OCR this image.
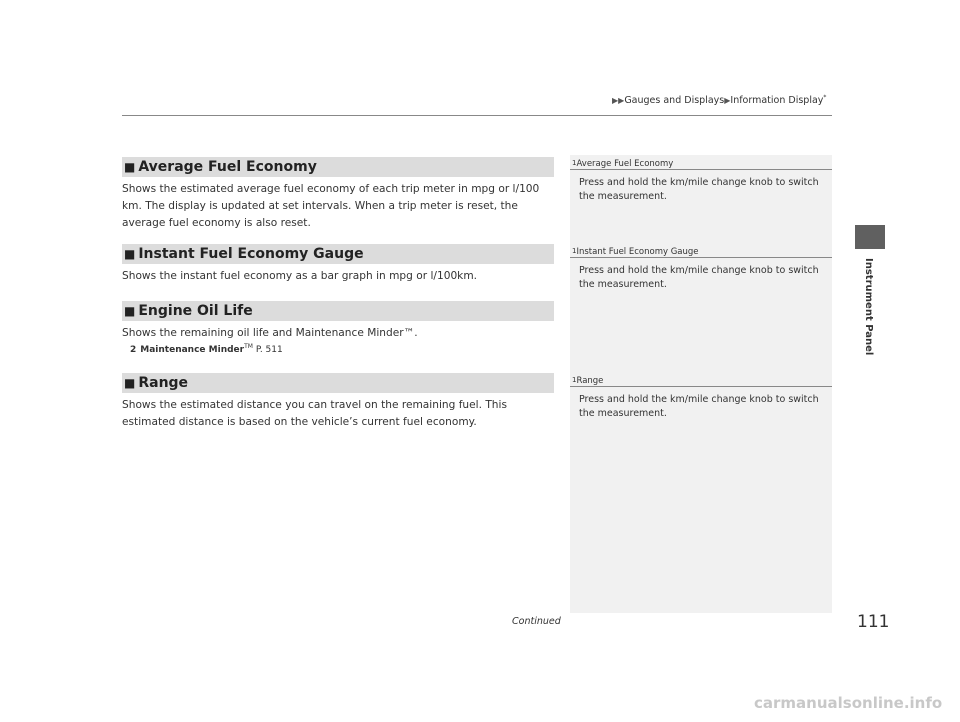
▶▶Gauges and Displays▶Information Display*
Instrument Panel
■ Average Fuel Economy
Shows the estimated average fuel economy of each trip meter in mpg or l/100 km. The display is updated at set intervals. When a trip meter is reset, the average fuel economy is also reset.
■ Instant Fuel Economy Gauge
Shows the instant fuel economy as a bar graph in mpg or l/100km.
■ Engine Oil Life
Shows the remaining oil life and Maintenance Minder™.
2 Maintenance Minder™ P. 511
■ Range
Shows the estimated distance you can travel on the remaining fuel. This estimated distance is based on the vehicle’s current fuel economy.
1Average Fuel Economy
Press and hold the km/mile change knob to switch the measurement.
1Instant Fuel Economy Gauge
Press and hold the km/mile change knob to switch the measurement.
1Range
Press and hold the km/mile change knob to switch the measurement.
Continued	111
carmanualsonline.info
